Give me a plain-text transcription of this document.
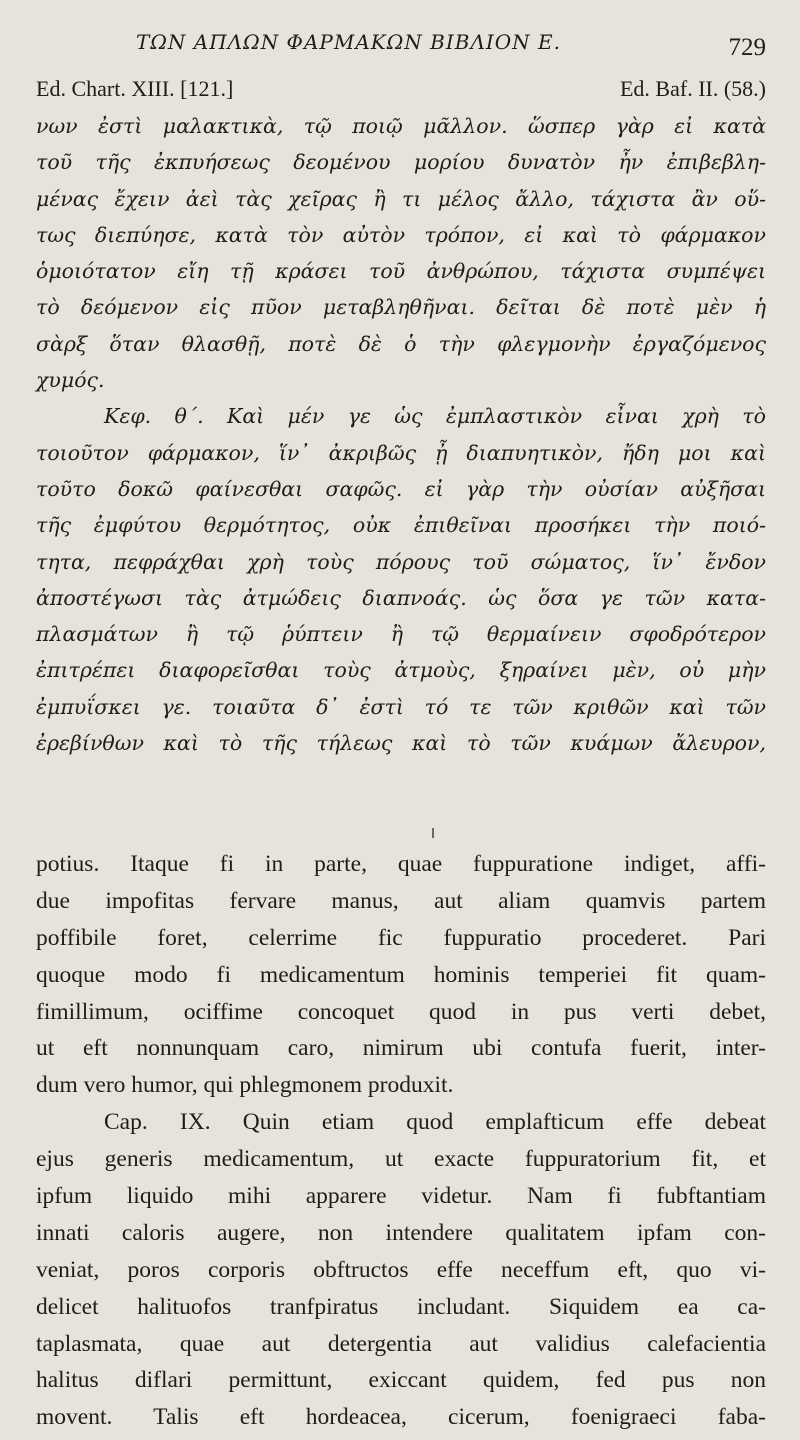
ΤΩΝ ΑΠΛΩΝ ΦΑΡΜΑΚΩΝ ΒΙΒΛΙΟΝ Ε.	729
Ed. Chart. XIII. [121.]	Ed. Baf. II. (58.)
νων ἐστὶ μαλακτικὰ, τῷ ποιῷ μᾶλλον. ὥσπερ γὰρ εἰ κατὰ
τοῦ τῆς ἐκπυήσεως δεομένου μορίου δυνατὸν ἦν ἐπιβεβλη-
μένας ἔχειν ἀεὶ τὰς χεῖρας ἢ τι μέλος ἄλλο, τάχιστα ἂν οὕ-
τως διεπύησε, κατὰ τὸν αὐτὸν τρόπον, εἰ καὶ τὸ φάρμακον
ὁμοιότατον εἴη τῇ κράσει τοῦ ἀνθρώπου, τάχιστα συμπέψει
τὸ δεόμενον εἰς πῦον μεταβληθῆναι. δεῖται δὲ ποτὲ μὲν ἡ
σὰρξ ὅταν θλασθῇ, ποτὲ δὲ ὁ τὴν φλεγμονὴν ἐργαζόμενος
χυμός.
Κεφ. θ΄. Καὶ μέν γε ὡς ἐμπλαστικὸν εἶναι χρὴ τὸ
τοιοῦτον φάρμακον, ἵν᾿ ἀκριβῶς ᾖ διαπυητικὸν, ἤδη μοι καὶ
τοῦτο δοκῶ φαίνεσθαι σαφῶς. εἰ γὰρ τὴν οὐσίαν αὐξῆσαι
τῆς ἐμφύτου θερμότητος, οὐκ ἐπιθεῖναι προσήκει τὴν ποιό-
τητα, πεφράχθαι χρὴ τοὺς πόρους τοῦ σώματος, ἵν᾿ ἔνδον
ἀποστέγωσι τὰς ἀτμώδεις διαπνοάς. ὡς ὅσα γε τῶν κατα-
πλασμάτων ἢ τῷ ῥύπτειν ἢ τῷ θερμαίνειν σφοδρότερον
ἐπιτρέπει διαφορεῖσθαι τοὺς ἀτμοὺς, ξηραίνει μὲν, οὐ μὴν
ἐμπυΐσκει γε. τοιαῦτα δ᾿ ἐστὶ τό τε τῶν κριθῶν καὶ τῶν
ἐρεβίνθων καὶ τὸ τῆς τήλεως καὶ τὸ τῶν κυάμων ἄλευρον,
potius. Itaque fi in parte, quae fuppuratione indiget, affi-
due impofitas fervare manus, aut aliam quamvis partem
poffibile foret, celerrime fic fuppuratio procederet. Pari
quoque modo fi medicamentum hominis temperiei fit quam-
fimillimum, ociffime concoquet quod in pus verti debet,
ut eft nonnunquam caro, nimirum ubi contufa fuerit, inter-
dum vero humor, qui phlegmonem produxit.
Cap. IX. Quin etiam quod emplafticum effe debeat
ejus generis medicamentum, ut exacte fuppuratorium fit, et
ipfum liquido mihi apparere videtur. Nam fi fubftantiam
innati caloris augere, non intendere qualitatem ipfam con-
veniat, poros corporis obftructos effe neceffum eft, quo vi-
delicet halituofos tranfpiratus includant. Siquidem ea ca-
taplasmata, quae aut detergentia aut validius calefacientia
halitus diflari permittunt, exiccant quidem, fed pus non
movent. Talis eft hordeacea, cicerum, foenigraeci faba-
